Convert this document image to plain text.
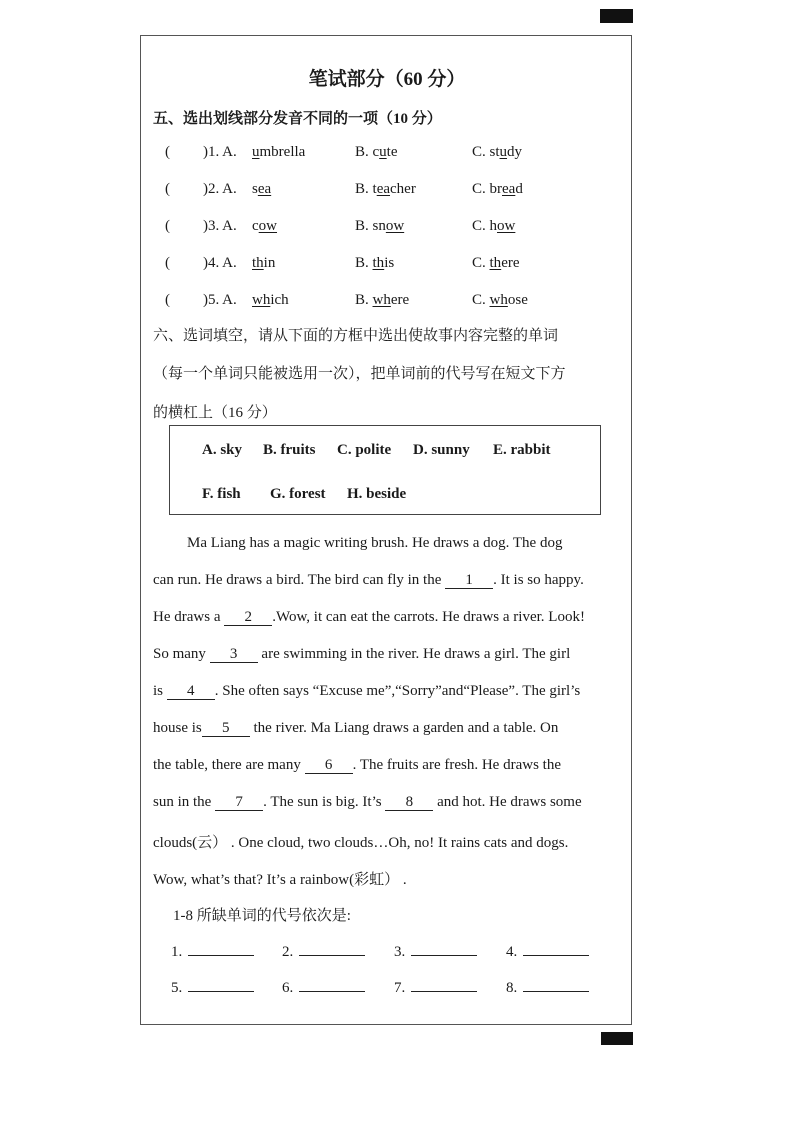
笔试部分（60 分）
五、选出划线部分发音不同的一项（10 分）
( )1. A. umbrella	B. cute	C. study
( )2. A. sea	B. teacher	C. bread
( )3. A. cow	B. snow	C. how
( )4. A. thin	B. this	C. there
( )5. A. which	B. where	C. whose
六、选词填空，请从下面的方框中选出使故事内容完整的单词
（每一个单词只能被选用一次），把单词前的代号写在短文下方
的横杠上（16 分）
A. sky B. fruits C. polite D. sunny E. rabbit
F. fish G. forest H. beside
Ma Liang has a magic writing brush. He draws a dog. The dog
can run. He draws a bird. The bird can fly in the 1 . It is so happy.
He draws a 2 .Wow, it can eat the carrots. He draws a river. Look!
So many 3 are swimming in the river. He draws a girl. The girl
is 4 . She often says “Excuse me”,“Sorry”and“Please”. The girl’s
house is 5 the river. Ma Liang draws a garden and a table. On
the table, there are many 6 . The fruits are fresh. He draws the
sun in the 7 . The sun is big. It’s 8 and hot. He draws some
clouds(云） . One cloud, two clouds…Oh, no! It rains cats and dogs.
Wow, what’s that? It’s a rainbow(彩虹） .
1-8 所缺单词的代号依次是:
1.	2.	3.	4.
5.	6.	7.	8.
